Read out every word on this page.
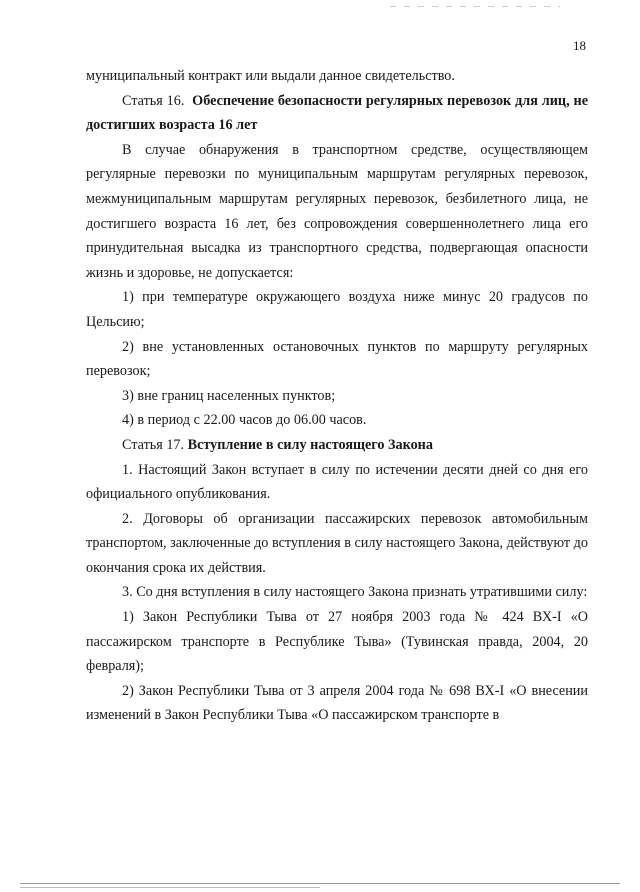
18

муниципальный контракт или выдали данное свидетельство.

Статья 16. Обеспечение безопасности регулярных перевозок для лиц, не достигших возраста 16 лет

В случае обнаружения в транспортном средстве, осуществляющем регулярные перевозки по муниципальным маршрутам регулярных перевозок, межмуниципальным маршрутам регулярных перевозок, безбилетного лица, не достигшего возраста 16 лет, без сопровождения совершеннолетнего лица его принудительная высадка из транспортного средства, подвергающая опасности жизнь и здоровье, не допускается:

1) при температуре окружающего воздуха ниже минус 20 градусов по Цельсию;

2) вне установленных остановочных пунктов по маршруту регулярных перевозок;

3) вне границ населенных пунктов;

4) в период с 22.00 часов до 06.00 часов.

Статья 17. Вступление в силу настоящего Закона

1. Настоящий Закон вступает в силу по истечении десяти дней со дня его официального опубликования.

2. Договоры об организации пассажирских перевозок автомобильным транспортом, заключенные до вступления в силу настоящего Закона, действуют до окончания срока их действия.

3. Со дня вступления в силу настоящего Закона признать утратившими силу:

1) Закон Республики Тыва от 27 ноября 2003 года № 424 ВХ-I «О пассажирском транспорте в Республике Тыва» (Тувинская правда, 2004, 20 февраля);

2) Закон Республики Тыва от 3 апреля 2004 года № 698 ВХ-I «О внесении изменений в Закон Республики Тыва «О пассажирском транспорте в
